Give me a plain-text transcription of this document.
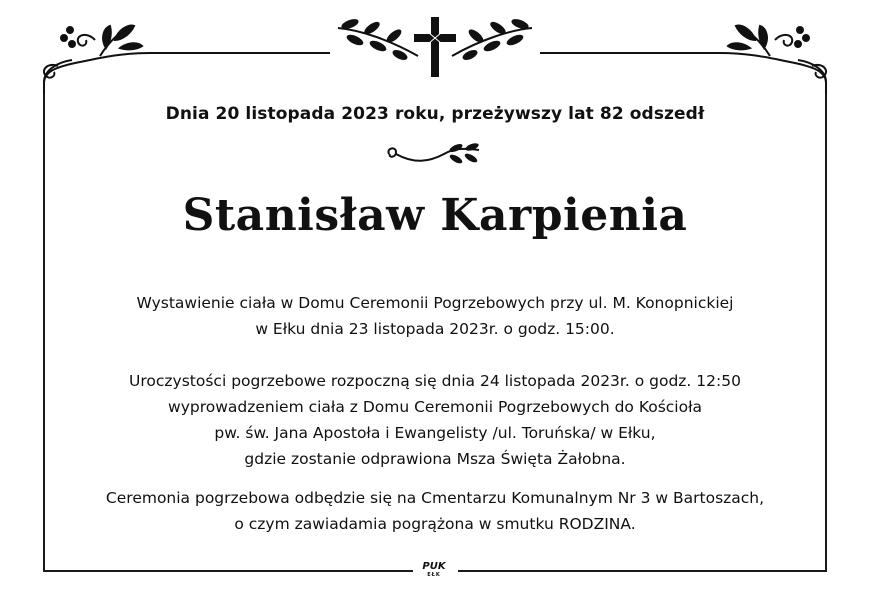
Dnia 20 listopada 2023 roku, przeżywszy lat 82 odszedł
Stanisław Karpienia
Wystawienie ciała w Domu Ceremonii Pogrzebowych przy ul. M. Konopnickiej
w Ełku dnia 23 listopada 2023r. o godz. 15:00.
Uroczystości pogrzebowe rozpoczną się dnia 24 listopada 2023r. o godz. 12:50
wyprowadzeniem ciała z Domu Ceremonii Pogrzebowych do Kościoła
pw. św. Jana Apostoła i Ewangelisty /ul. Toruńska/ w Ełku,
gdzie zostanie odprawiona Msza Święta Żałobna.
Ceremonia pogrzebowa odbędzie się na Cmentarzu Komunalnym Nr 3 w Bartoszach,
o czym zawiadamia pogrążona w smutku RODZINA.
PUK
EŁK
